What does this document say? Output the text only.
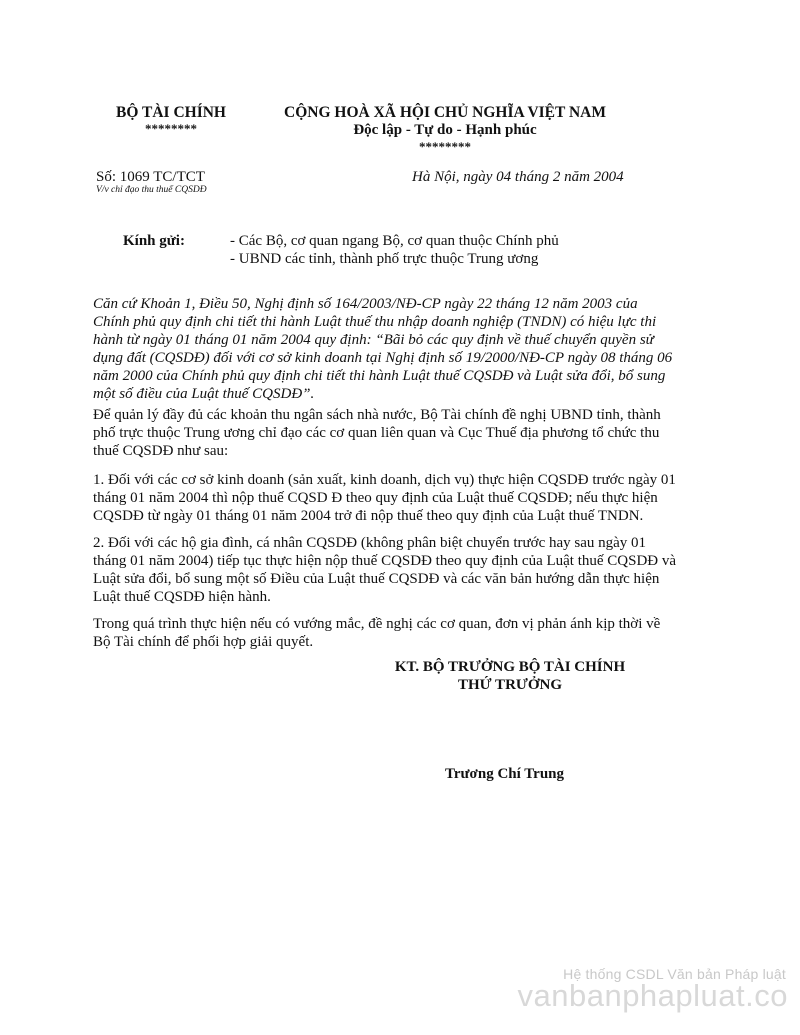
BỘ TÀI CHÍNH
********
CỘNG HOÀ XÃ HỘI CHỦ NGHĨA VIỆT NAM
Độc lập - Tự do - Hạnh phúc
********
Số: 1069 TC/TCT
V/v chỉ đạo thu thuế CQSDĐ
Hà Nội, ngày 04 tháng 2 năm 2004
Kính gửi:	- Các Bộ, cơ quan ngang Bộ, cơ quan thuộc Chính phủ
- UBND các tỉnh, thành phố trực thuộc Trung ương
Căn cứ Khoản 1, Điều 50, Nghị định số 164/2003/NĐ-CP ngày 22 tháng 12 năm 2003 của
Chính phủ quy định chi tiết thi hành Luật thuế thu nhập doanh nghiệp (TNDN) có hiệu lực thi
hành từ ngày 01 tháng 01 năm 2004 quy định: “Bãi bỏ các quy định về thuế chuyển quyền sử
dụng đất (CQSDĐ) đối với cơ sở kinh doanh tại Nghị định số 19/2000/NĐ-CP ngày 08 tháng 06
năm 2000 của Chính phủ quy định chi tiết thi hành Luật thuế CQSDĐ và Luật sửa đổi, bổ sung
một số điều của Luật thuế CQSDĐ”.
Để quản lý đầy đủ các khoản thu ngân sách nhà nước, Bộ Tài chính đề nghị UBND tỉnh, thành
phố trực thuộc Trung ương chỉ đạo các cơ quan liên quan và Cục Thuế địa phương tổ chức thu
thuế CQSDĐ như sau:
1. Đối với các cơ sở kinh doanh (sản xuất, kinh doanh, dịch vụ) thực hiện CQSDĐ trước ngày 01
tháng 01 năm 2004 thì nộp thuế CQSD Đ theo quy định của Luật thuế CQSDĐ; nếu thực hiện
CQSDĐ từ ngày 01 tháng 01 năm 2004 trở đi nộp thuế theo quy định của Luật thuế TNDN.
2. Đối với các hộ gia đình, cá nhân CQSDĐ (không phân biệt chuyển trước hay sau ngày 01
tháng 01 năm 2004) tiếp tục thực hiện nộp thuế CQSDĐ theo quy định của Luật thuế CQSDĐ và
Luật sửa đổi, bổ sung một số Điều của Luật thuế CQSDĐ và các văn bản hướng dẫn thực hiện
Luật thuế CQSDĐ hiện hành.
Trong quá trình thực hiện nếu có vướng mắc, đề nghị các cơ quan, đơn vị phản ánh kịp thời về
Bộ Tài chính để phối hợp giải quyết.
KT. BỘ TRƯỞNG BỘ TÀI CHÍNH
THỨ TRƯỞNG
Trương Chí Trung
Hệ thống CSDL Văn bản Pháp luật
vanbanphapluat.co
